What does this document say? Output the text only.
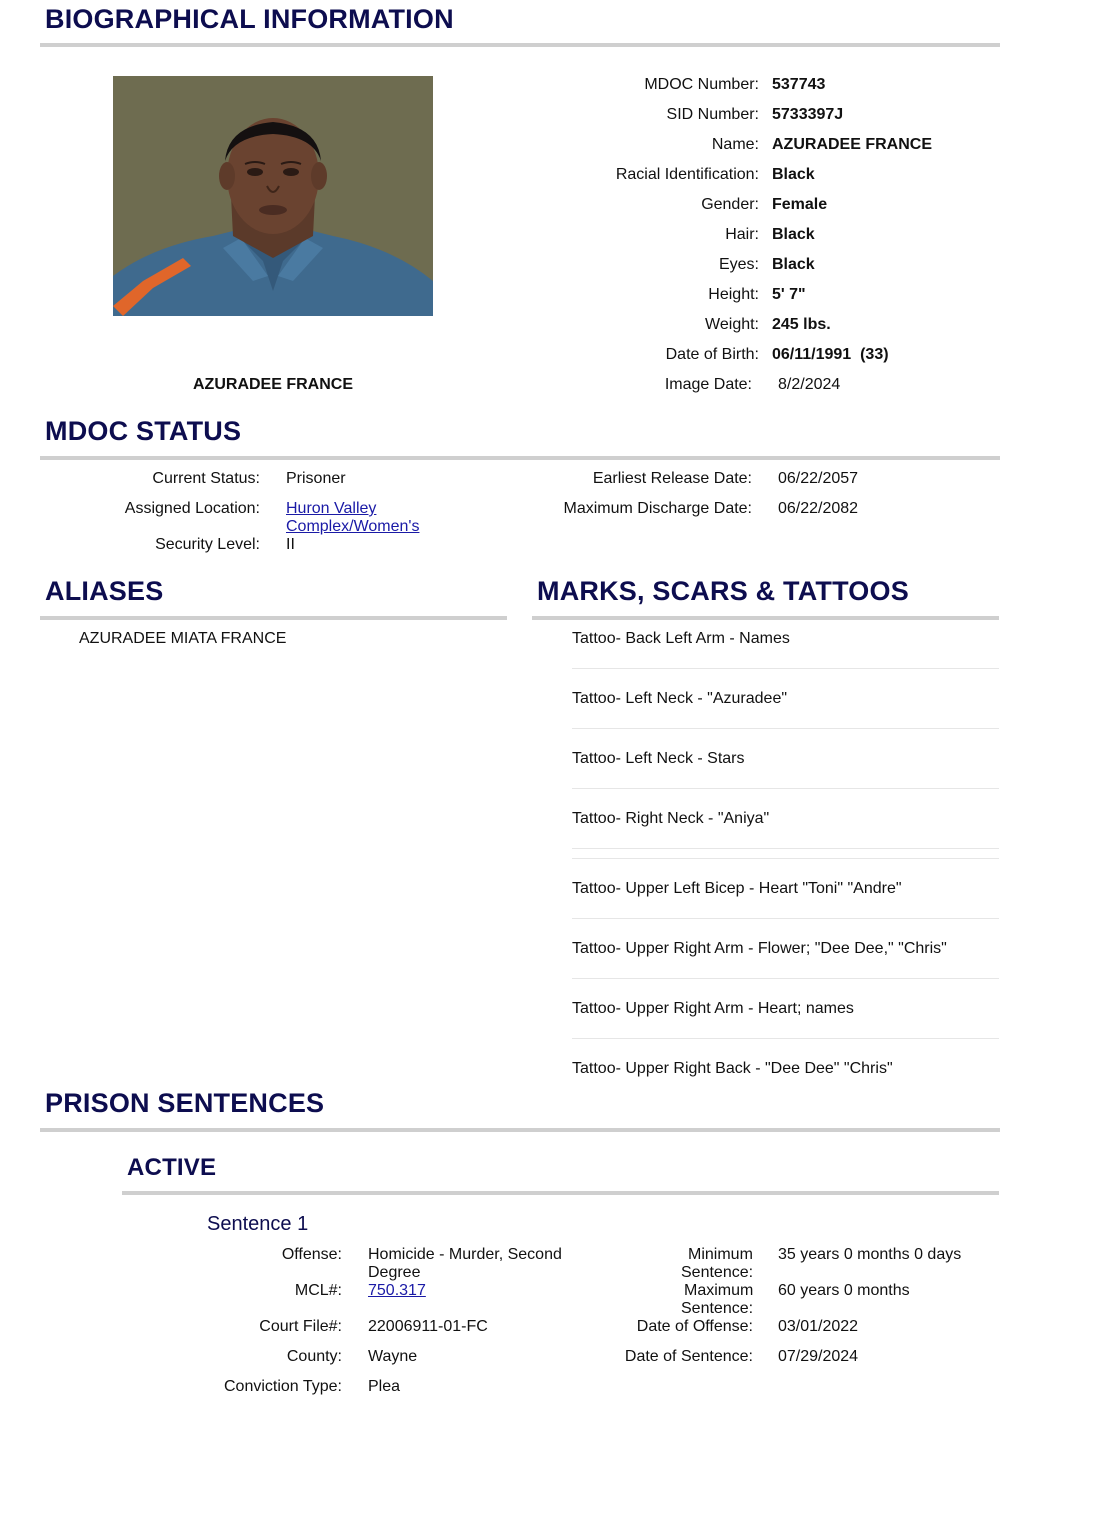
BIOGRAPHICAL INFORMATION
AZURADEE FRANCE
MDOC Number: 537743
SID Number: 5733397J
Name: AZURADEE FRANCE
Racial Identification: Black
Gender: Female
Hair: Black
Eyes: Black
Height: 5' 7"
Weight: 245 lbs.
Date of Birth: 06/11/1991  (33)
Image Date: 8/2/2024
MDOC STATUS
Current Status: Prisoner
Assigned Location: Huron Valley
Complex/Women's
Security Level: II
Earliest Release Date: 06/22/2057
Maximum Discharge Date: 06/22/2082
ALIASES
AZURADEE MIATA FRANCE
MARKS, SCARS & TATTOOS
Tattoo- Back Left Arm - Names
Tattoo- Left Neck - "Azuradee"
Tattoo- Left Neck - Stars
Tattoo- Right Neck - "Aniya"
Tattoo- Upper Left Bicep - Heart "Toni" "Andre"
Tattoo- Upper Right Arm - Flower; "Dee Dee," "Chris"
Tattoo- Upper Right Arm - Heart; names
Tattoo- Upper Right Back - "Dee Dee" "Chris"
PRISON SENTENCES
ACTIVE
Sentence 1
Offense: Homicide - Murder, Second
Degree
MCL#: 750.317
Court File#: 22006911-01-FC
County: Wayne
Conviction Type: Plea
Minimum
Sentence:
35 years 0 months 0 days
Maximum
Sentence:
60 years 0 months
Date of Offense: 03/01/2022
Date of Sentence: 07/29/2024
